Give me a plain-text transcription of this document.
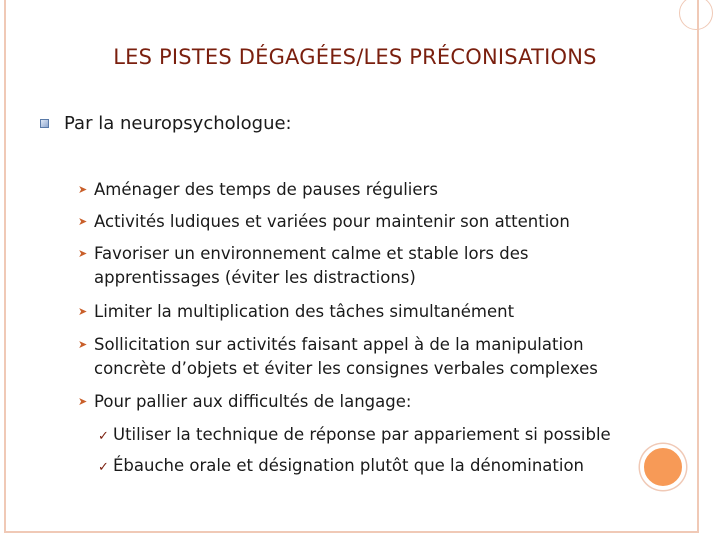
LES PISTES DÉGAGÉES/LES PRÉCONISATIONS
Par la neuropsychologue:
➤ Aménager des temps de pauses réguliers
➤ Activités ludiques et variées pour maintenir son attention
➤ Favoriser un environnement calme et stable lors des
apprentissages (éviter les distractions)
➤ Limiter la multiplication des tâches simultanément
➤ Sollicitation sur activités faisant appel à de la manipulation
concrète d’objets et éviter les consignes verbales complexes
➤ Pour pallier aux difficultés de langage:
✓ Utiliser la technique de réponse par appariement si possible
✓ Ébauche orale et désignation plutôt que la dénomination
